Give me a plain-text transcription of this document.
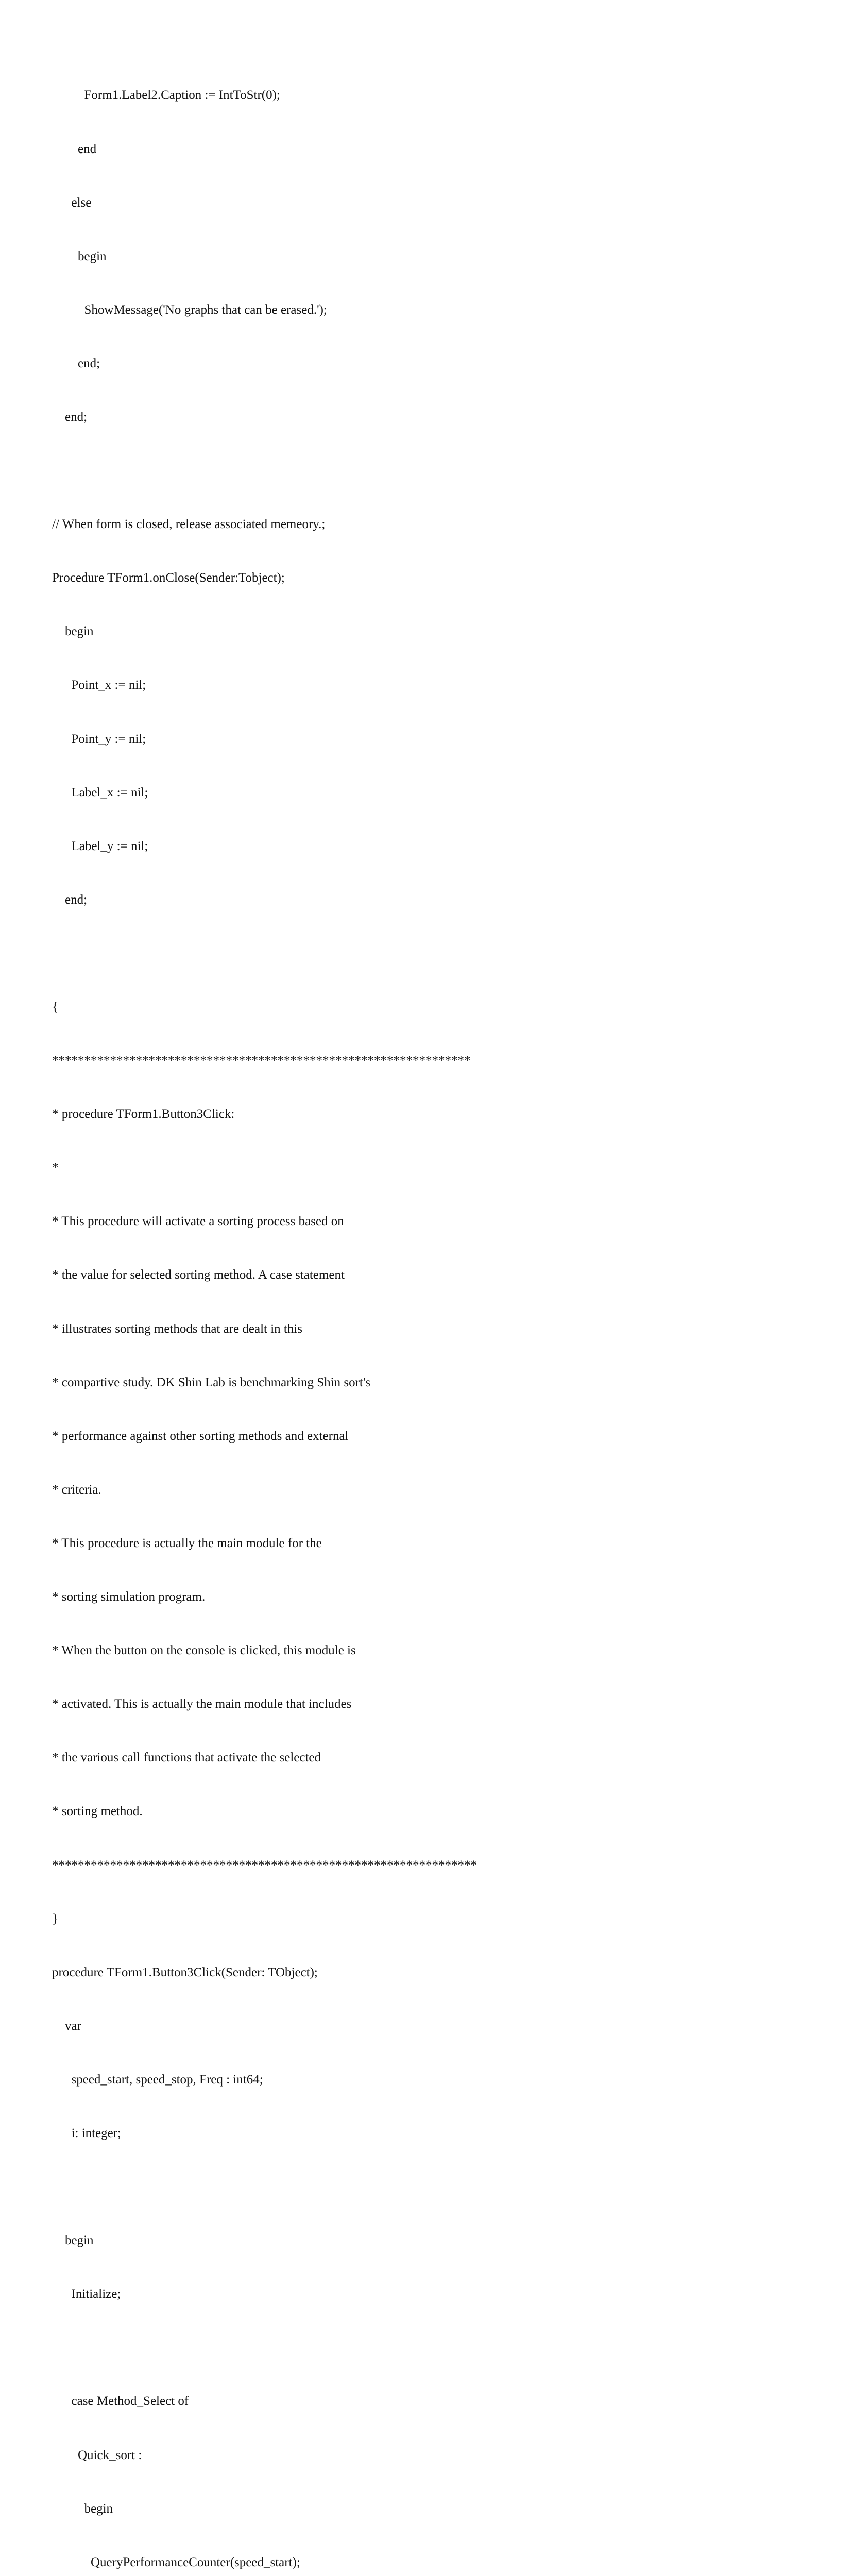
Form1.Label2.Caption := IntToStr(0);

end

else

begin

ShowMessage('No graphs that can be erased.');

end;

end;

// When form is closed, release associated memeory.;

Procedure TForm1.onClose(Sender:Tobject);

begin

Point_x := nil;

Point_y := nil;

Label_x := nil;

Label_y := nil;

end;

{

*****************************************************************

* procedure TForm1.Button3Click:

*

* This procedure will activate a sorting process based on

* the value for selected sorting method. A case statement

* illustrates sorting methods that are dealt in this

* compartive study. DK Shin Lab is benchmarking Shin sort's

* performance against other sorting methods and external

* criteria.

* This procedure is actually the main module for the

* sorting simulation program.

* When the button on the console is clicked, this module is

* activated. This is actually the main module that includes

* the various call functions that activate the selected

* sorting method.

******************************************************************

}

procedure TForm1.Button3Click(Sender: TObject);

var

speed_start, speed_stop, Freq : int64;

i: integer;

begin

Initialize;

case Method_Select of

Quick_sort :

begin

QueryPerformanceCounter(speed_start);
